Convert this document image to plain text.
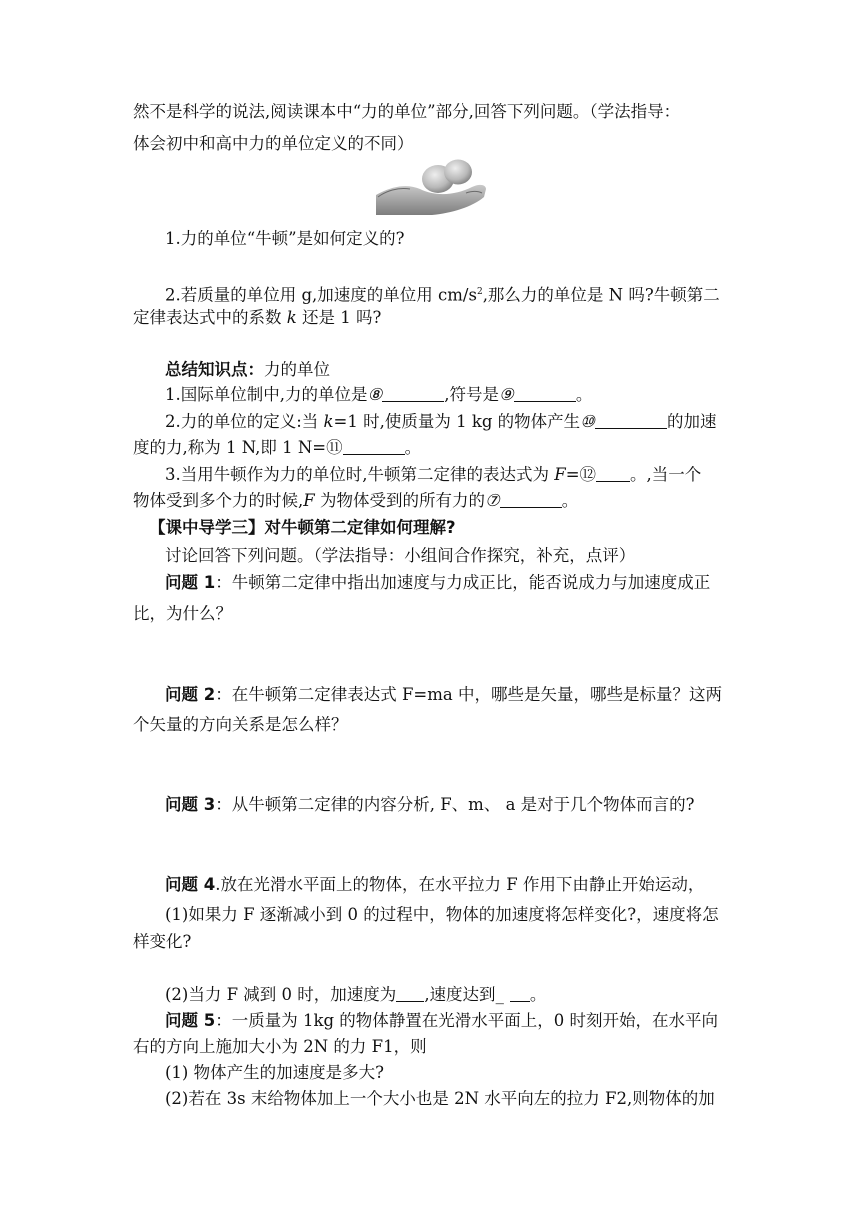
然不是科学的说法,阅读课本中“力的单位”部分,回答下列问题。（学法指导：
体会初中和高中力的单位定义的不同）
1.力的单位“牛顿”是如何定义的?
2.若质量的单位用 g,加速度的单位用 $cm/s^2$,那么力的单位是 N 吗?牛顿第二
定律表达式中的系数 k 还是 1 吗?
总结知识点：力的单位
1.国际单位制中,力的单位是⑧	,符号是⑨	。
2.力的单位的定义:当 k=1 时,使质量为 1 kg 的物体产生⑩	的加速
度的力,称为 1 N,即 1 N=⑪	。
3.当用牛顿作为力的单位时,牛顿第二定律的表达式为 F=⑫ 。,当一个
物体受到多个力的时候,F 为物体受到的所有力的⑦	。
【课中导学三】对牛顿第二定律如何理解?
讨论回答下列问题。（学法指导：小组间合作探究，补充，点评）
问题 1：牛顿第二定律中指出加速度与力成正比，能否说成力与加速度成正
比，为什么？
问题 2：在牛顿第二定律表达式 F=ma 中，哪些是矢量，哪些是标量？这两
个矢量的方向关系是怎么样？
问题 3：从牛顿第二定律的内容分析, F、m、 a 是对于几个物体而言的?
问题 4.放在光滑水平面上的物体，在水平拉力 F 作用下由静止开始运动，
(1)如果力 F 逐渐减小到 0 的过程中，物体的加速度将怎样变化?，速度将怎
样变化?
(2)当力 F 减到 0 时，加速度为 ,速度达到_ 。
问题 5：一质量为 1kg 的物体静置在光滑水平面上，0 时刻开始，在水平向
右的方向上施加大小为 2N 的力 F1，则
(1) 物体产生的加速度是多大?
(2)若在 3s 末给物体加上一个大小也是 2N 水平向左的拉力 F2,则物体的加
